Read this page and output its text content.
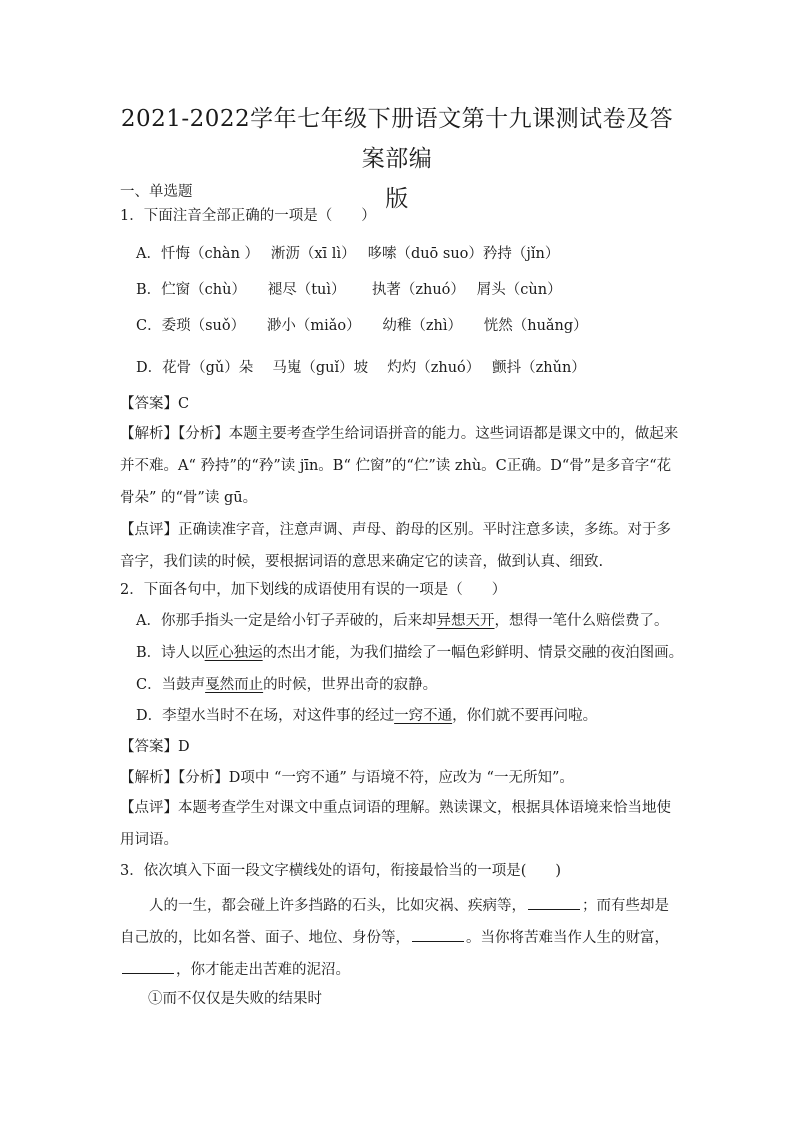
2021-2022学年七年级下册语文第十九课测试卷及答案部编
版
一、单选题
1．下面注音全部正确的一项是（　　）
A．忏悔（chàn ）　 淅沥（xī lì）　 哆嗦（duō suo）矜持（jǐn）
B．伫窗（chù）　　褪尽（tuì）　　 执著（zhuó）　 屑头（cùn）
C．委琐（suǒ）　　渺小（miǎo）　　幼稚（zhì）　　恍然（huǎng）
D．花骨（gǔ）朵　 马嵬（guǐ）坡　 灼灼（zhuó）　 颤抖（zhǔn）
【答案】C
【解析】【分析】本题主要考查学生给词语拼音的能力。这些词语都是课文中的，做起来并不难。A“ 矜持”的“矜”读 jīn。B“ 伫窗”的“伫”读 zhù。C正确。D“骨”是多音字“花骨朵” 的“骨”读 gū。
【点评】正确读准字音，注意声调、声母、韵母的区别。平时注意多读，多练。对于多音字，我们读的时候，要根据词语的意思来确定它的读音，做到认真、细致.
2．下面各句中，加下划线的成语使用有误的一项是（　　）
A．你那手指头一定是给小钉子弄破的，后来却异想天开，想得一笔什么赔偿费了。
B．诗人以匠心独运的杰出才能，为我们描绘了一幅色彩鲜明、情景交融的夜泊图画。
C．当鼓声戛然而止的时候，世界出奇的寂静。
D．李望水当时不在场，对这件事的经过一窍不通，你们就不要再问啦。
【答案】D
【解析】【分析】D项中 “一窍不通” 与语境不符，应改为 “一无所知”。
【点评】本题考查学生对课文中重点词语的理解。熟读课文，根据具体语境来恰当地使用词语。
3．依次填入下面一段文字横线处的语句，衔接最恰当的一项是(　　)
人的一生，都会碰上许多挡路的石头，比如灾祸、疾病等，	；而有些却是自己放的，比如名誉、面子、地位、身份等，	。当你将苦难当作人生的财富，，你才能走出苦难的泥沼。
①而不仅仅是失败的结果时
